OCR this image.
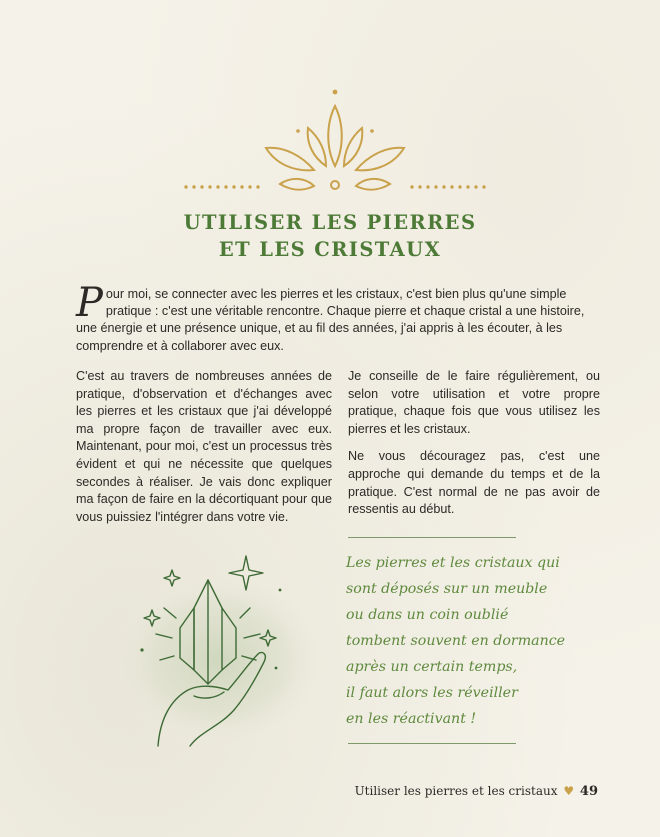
UTILISER LES PIERRES
ET LES CRISTAUX
Pour moi, se connecter avec les pierres et les cristaux, c'est bien plus qu'une simple pratique : c'est une véritable rencontre. Chaque pierre et chaque cristal a une histoire, une énergie et une présence unique, et au fil des années, j'ai appris à les écouter, à les comprendre et à collaborer avec eux.

C'est au travers de nombreuses années de pratique, d'observation et d'échanges avec les pierres et les cristaux que j'ai développé ma propre façon de travailler avec eux. Maintenant, pour moi, c'est un processus très évident et qui ne nécessite que quelques secondes à réaliser. Je vais donc expliquer ma façon de faire en la décortiquant pour que vous puissiez l'intégrer dans votre vie.

Je conseille de le faire régulièrement, ou selon votre utilisation et votre propre pratique, chaque fois que vous utilisez les pierres et les cristaux.

Ne vous découragez pas, c'est une approche qui demande du temps et de la pratique. C'est normal de ne pas avoir de ressentis au début.

Les pierres et les cristaux qui
sont déposés sur un meuble
ou dans un coin oublié
tombent souvent en dormance
après un certain temps,
il faut alors les réveiller
en les réactivant !
Utiliser les pierres et les cristaux ♥ 49
